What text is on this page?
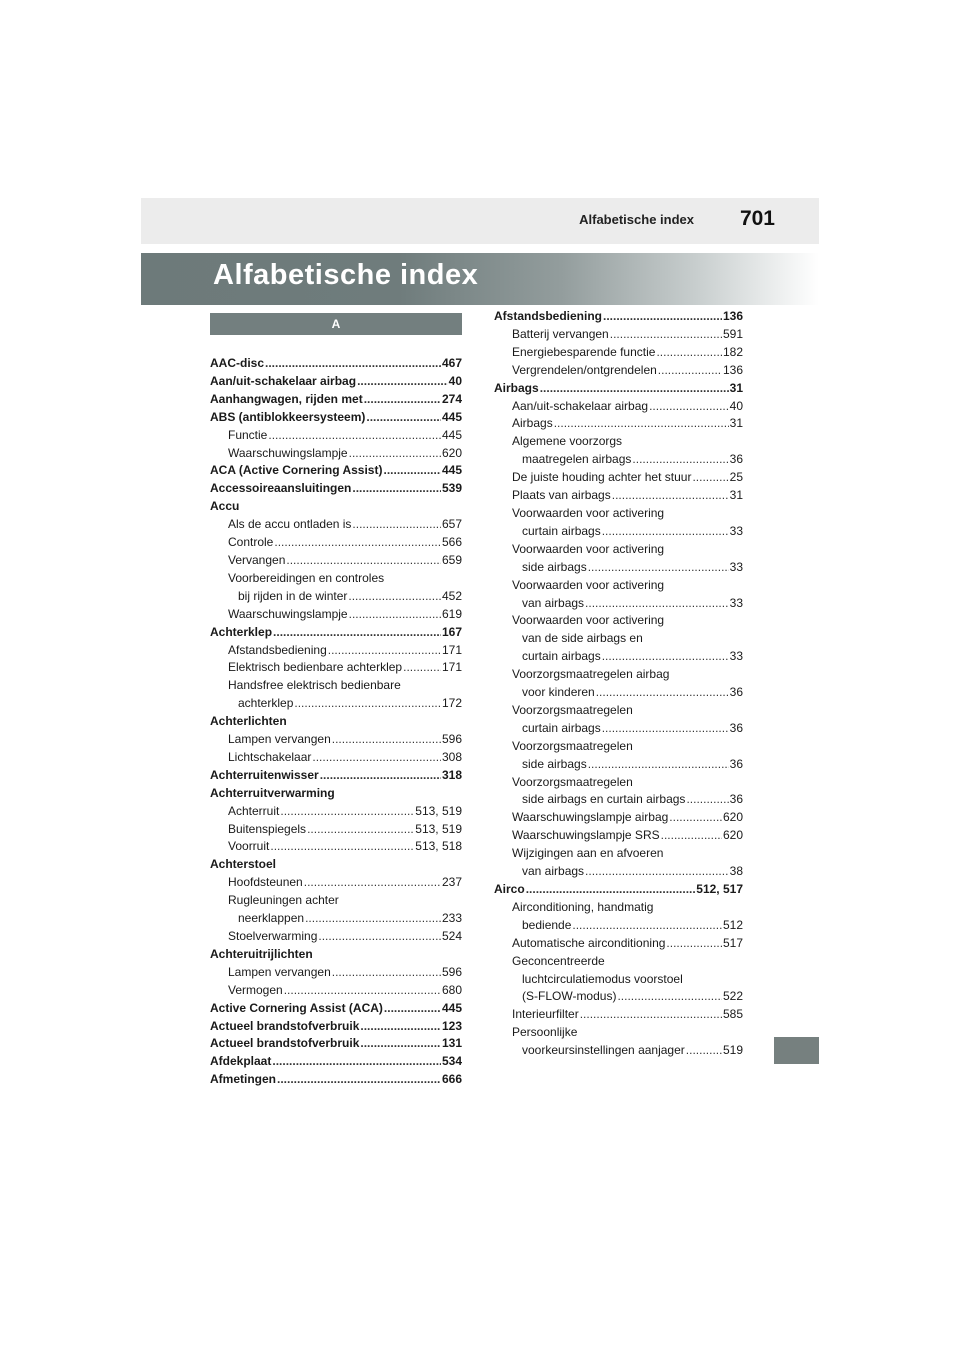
Alfabetische index 701
Alfabetische index
A
AAC-disc .....	467
Aan/uit-schakelaar airbag .....	40
Aanhangwagen, rijden met .....	274
ABS (antiblokkeersysteem) .....	445
Functie .....	445
Waarschuwingslampje .....	620
ACA (Active Cornering Assist) .....	445
Accessoireaansluitingen .....	539
Accu
Als de accu ontladen is .....	657
Controle .....	566
Vervangen .....	659
Voorbereidingen en controles
bij rijden in de winter .....	452
Waarschuwingslampje .....	619
Achterklep .....	167
Afstandsbediening .....	171
Elektrisch bedienbare achterklep .....	171
Handsfree elektrisch bedienbare
achterklep .....	172
Achterlichten
Lampen vervangen .....	596
Lichtschakelaar .....	308
Achterruitenwisser .....	318
Achterruitverwarming
Achterruit .....	513, 519
Buitenspiegels .....	513, 519
Voorruit .....	513, 518
Achterstoel
Hoofdsteunen .....	237
Rugleuningen achter
neerklappen .....	233
Stoelverwarming .....	524
Achteruitrijlichten
Lampen vervangen .....	596
Vermogen .....	680
Active Cornering Assist (ACA) .....	445
Actueel brandstofverbruik .....	123
Actueel brandstofverbruik .....	131
Afdekplaat .....	534
Afmetingen .....	666
Afstandsbediening .....	136
Batterij vervangen .....	591
Energiebesparende functie .....	182
Vergrendelen/ontgrendelen .....	136
Airbags .....	31
Aan/uit-schakelaar airbag .....	40
Airbags .....	31
Algemene voorzorgs
maatregelen airbags .....	36
De juiste houding achter het stuur .....	25
Plaats van airbags .....	31
Voorwaarden voor activering
curtain airbags .....	33
Voorwaarden voor activering
side airbags .....	33
Voorwaarden voor activering
van airbags .....	33
Voorwaarden voor activering
van de side airbags en
curtain airbags .....	33
Voorzorgsmaatregelen airbag
voor kinderen .....	36
Voorzorgsmaatregelen
curtain airbags .....	36
Voorzorgsmaatregelen
side airbags .....	36
Voorzorgsmaatregelen
side airbags en curtain airbags .....	36
Waarschuwingslampje airbag .....	620
Waarschuwingslampje SRS .....	620
Wijzigingen aan en afvoeren
van airbags .....	38
Airco .....	512, 517
Airconditioning, handmatig
bediende .....	512
Automatische airconditioning .....	517
Geconcentreerde
luchtcirculatiemodus voorstoel
(S-FLOW-modus) .....	522
Interieurfilter .....	585
Persoonlijke
voorkeursinstellingen aanjager .....	519
